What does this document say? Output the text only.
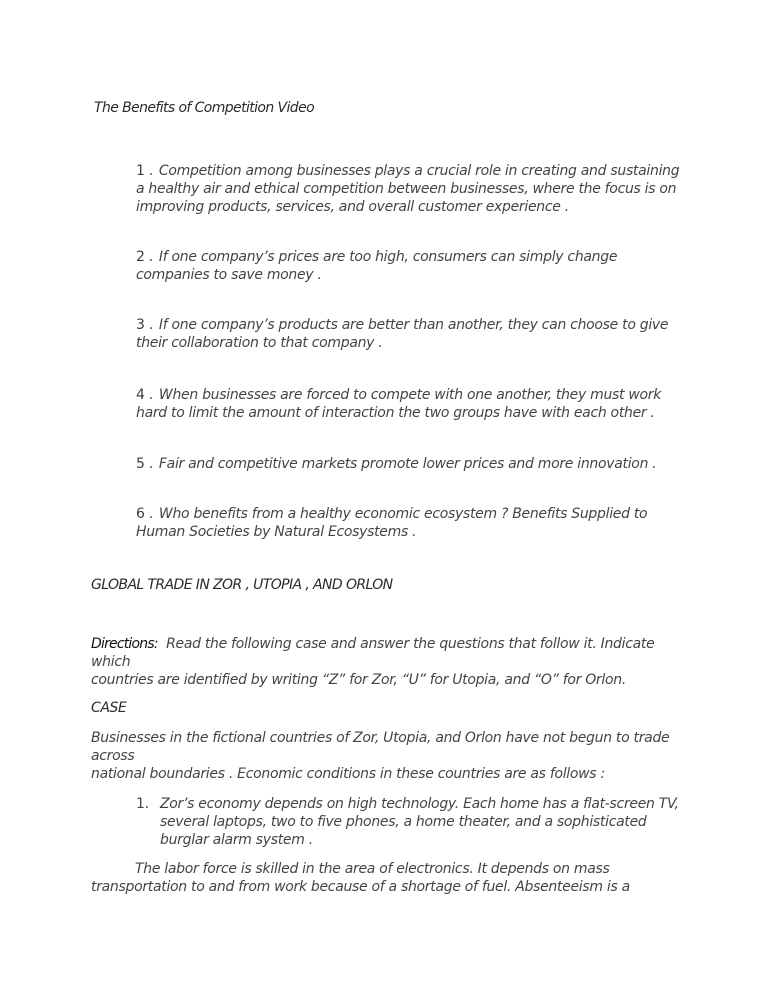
The Benefits of Competition Video
1 . Competition among businesses plays a crucial role in creating and sustaining a healthy air and ethical competition between businesses, where the focus is on improving products, services, and overall customer experience .
2 . If one company’s prices are too high, consumers can simply change companies to save money .
3 . If one company’s products are better than another, they can choose to give their collaboration to that company .
4 . When businesses are forced to compete with one another, they must work hard to limit the amount of interaction the two groups have with each other .
5 . Fair and competitive markets promote lower prices and more innovation .
6 . Who benefits from a healthy economic ecosystem ? Benefits Supplied to Human Societies by Natural Ecosystems .
GLOBAL TRADE IN ZOR , UTOPIA , AND ORLON
Directions: Read the following case and answer the questions that follow it. Indicate
which
countries are identified by writing “Z” for Zor, “U” for Utopia, and “O” for Orlon.
CASE
Businesses in the fictional countries of Zor, Utopia, and Orlon have not begun to trade
across
national boundaries . Economic conditions in these countries are as follows :
1. Zor’s economy depends on high technology. Each home has a flat-screen TV, several laptops, two to five phones, a home theater, and a sophisticated burglar alarm system .
The labor force is skilled in the area of electronics. It depends on mass transportation to and from work because of a shortage of fuel. Absenteeism is a
